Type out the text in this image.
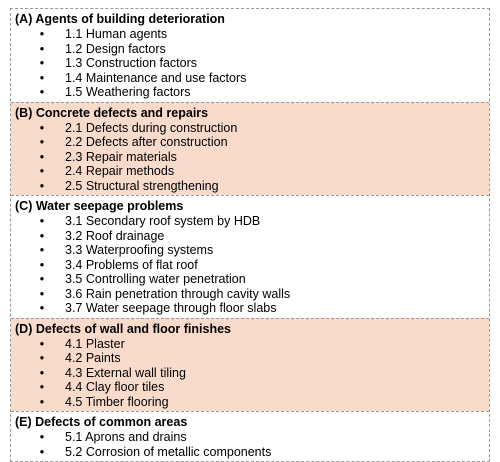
(A) Agents of building deterioration

• 1.1 Human agents
• 1.2 Design factors
• 1.3 Construction factors
• 1.4 Maintenance and use factors
• 1.5 Weathering factors

(B) Concrete defects and repairs

• 2.1 Defects during construction
• 2.2 Defects after construction
• 2.3 Repair materials
• 2.4 Repair methods
• 2.5 Structural strengthening

(C) Water seepage problems

• 3.1 Secondary roof system by HDB
• 3.2 Roof drainage
• 3.3 Waterproofing systems
• 3.4 Problems of flat roof
• 3.5 Controlling water penetration
• 3.6 Rain penetration through cavity walls
• 3.7 Water seepage through floor slabs

(D) Defects of wall and floor finishes

• 4.1 Plaster
• 4.2 Paints
• 4.3 External wall tiling
• 4.4 Clay floor tiles
• 4.5 Timber flooring

(E) Defects of common areas

• 5.1 Aprons and drains
• 5.2 Corrosion of metallic components
